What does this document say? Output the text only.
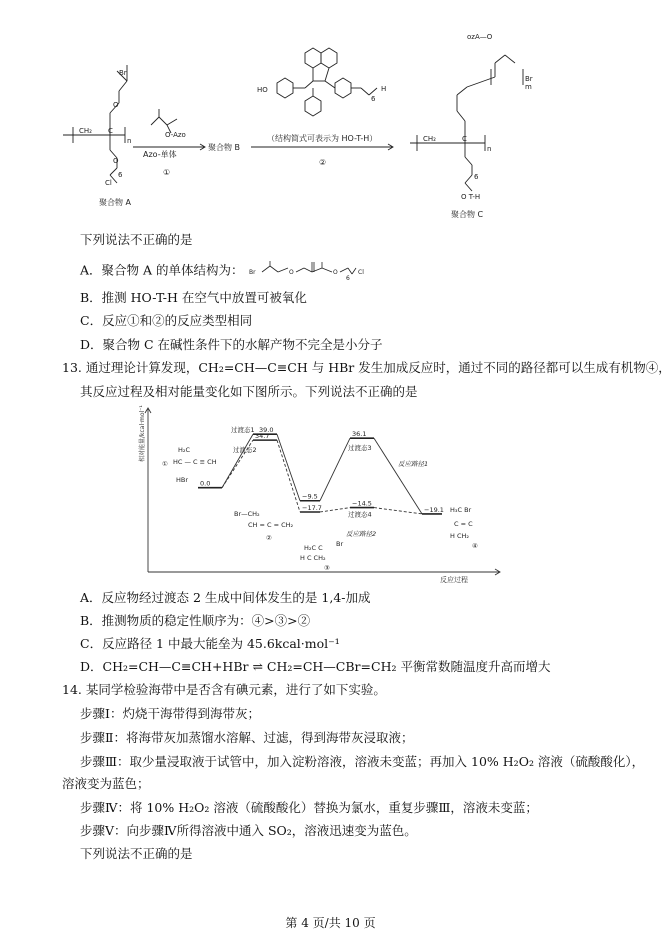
Br
CH₂ C
n
O
O
6
Cl
O-Azo
HO	H
6
ozA—O
Br
m
CH₂	C
n
6
O T-H
Azo-单体
①
聚合物 B
（结构简式可表示为 HO-T-H）
②
聚合物 A
聚合物 C
下列说法不正确的是
A．聚合物 A 的单体结构为： Br	O	O
6
Cl
B．推测 HO-T-H 在空气中放置可被氧化
C．反应①和②的反应类型相同
D．聚合物 C 在碱性条件下的水解产物不完全是小分子
13. 通过理论计算发现，CH₂=CH—C≡CH 与 HBr 发生加成反应时，通过不同的路径都可以生成有机物④，
其反应过程及相对能量变化如下图所示。下列说法不正确的是
相对能量/kcal·mol⁻¹
反应过程
0.0
39.0
过渡态1
34.7
过渡态2
−9.5
−17.7
36.1
过渡态3
−14.5
过渡态4
−19.1
①
H₂C
HC — C ≡ CH
HBr
Br—CH₂
CH = C = CH₂
②
Br
H₂C C
H C CH₂
③
H₃C Br
C = C
H CH₂
④
反应路径1
反应路径2
A．反应物经过渡态 2 生成中间体发生的是 1,4-加成
B．推测物质的稳定性顺序为：④>③>②
C．反应路径 1 中最大能垒为 45.6kcal·mol⁻¹
D．CH₂=CH—C≡CH+HBr ⇌ CH₂=CH—CBr=CH₂ 平衡常数随温度升高而增大
14. 某同学检验海带中是否含有碘元素，进行了如下实验。
步骤Ⅰ：灼烧干海带得到海带灰；
步骤Ⅱ：将海带灰加蒸馏水溶解、过滤，得到海带灰浸取液；
步骤Ⅲ：取少量浸取液于试管中，加入淀粉溶液，溶液未变蓝；再加入 10% H₂O₂ 溶液（硫酸酸化），
溶液变为蓝色；
步骤Ⅳ：将 10% H₂O₂ 溶液（硫酸酸化）替换为氯水，重复步骤Ⅲ，溶液未变蓝；
步骤Ⅴ：向步骤Ⅳ所得溶液中通入 SO₂，溶液迅速变为蓝色。
下列说法不正确的是
第 4 页/共 10 页
